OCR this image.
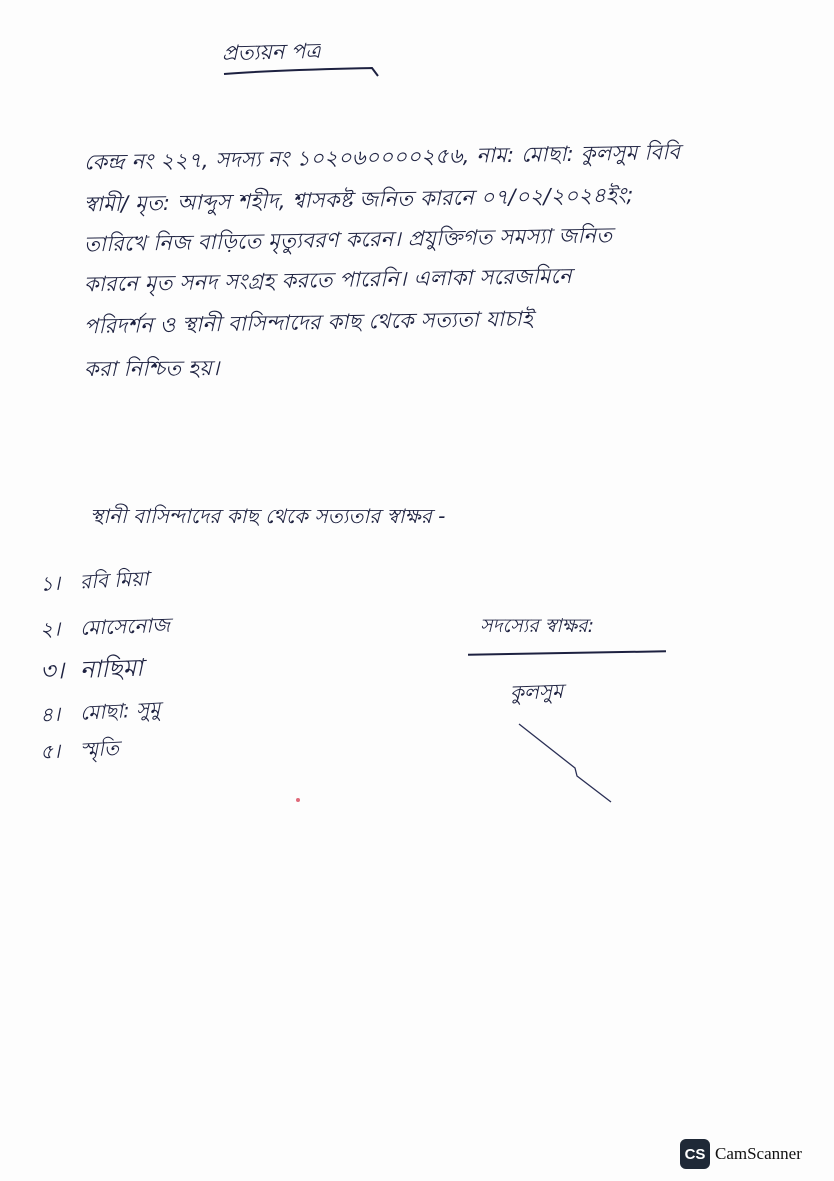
প্রত্যয়ন পত্র
কেন্দ্র নং ২২৭, সদস্য নং ১০২০৬০০০০২৫৬, নাম: মোছা: কুলসুম বিবি
স্বামী/ মৃত: আব্দুস শহীদ, শ্বাসকষ্ট জনিত কারনে ০৭/০২/২০২৪ইং;
তারিখে নিজ বাড়িতে মৃত্যুবরণ করেন। প্রযুক্তিগত সমস্যা জনিত
কারনে মৃত সনদ সংগ্রহ করতে পারেনি। এলাকা সরেজমিনে
পরিদর্শন ও স্থানী বাসিন্দাদের কাছ থেকে সত্যতা যাচাই
করা নিশ্চিত হয়।
স্থানী বাসিন্দাদের কাছ থেকে সত্যতার স্বাক্ষর -
১। রবি মিয়া
২। মোসেনোজ
৩। নাছিমা
৪। মোছা: সুমু
৫। স্মৃতি
সদস্যের স্বাক্ষর:
কুলসুম
CS CamScanner
